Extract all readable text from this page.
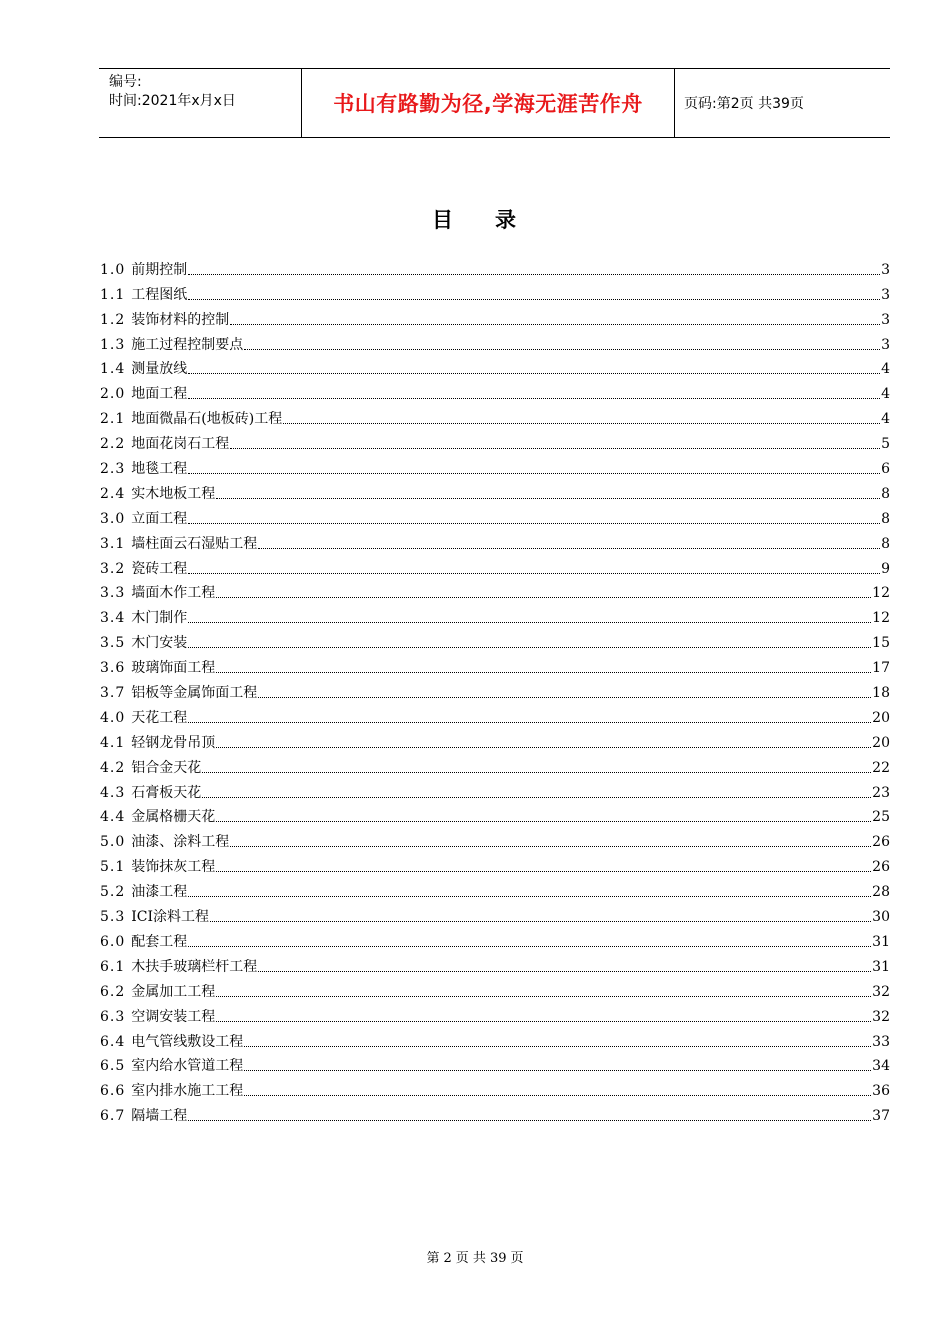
编号:
时间:2021年x月x日	书山有路勤为径,学海无涯苦作舟	页码:第2页 共39页
目录
1.0 前期控制	3
1.1 工程图纸	3
1.2 装饰材料的控制	3
1.3 施工过程控制要点	3
1.4 测量放线	4
2.0 地面工程	4
2.1 地面微晶石(地板砖)工程	4
2.2 地面花岗石工程	5
2.3 地毯工程	6
2.4 实木地板工程	8
3.0 立面工程	8
3.1 墙柱面云石湿贴工程	8
3.2 瓷砖工程	9
3.3 墙面木作工程	12
3.4 木门制作	12
3.5 木门安装	15
3.6 玻璃饰面工程	17
3.7 铝板等金属饰面工程	18
4.0 天花工程	20
4.1 轻钢龙骨吊顶	20
4.2 铝合金天花	22
4.3 石膏板天花	23
4.4 金属格栅天花	25
5.0 油漆、涂料工程	26
5.1 装饰抹灰工程	26
5.2 油漆工程	28
5.3 ICI涂料工程	30
6.0 配套工程	31
6.1 木扶手玻璃栏杆工程	31
6.2 金属加工工程	32
6.3 空调安装工程	32
6.4 电气管线敷设工程	33
6.5 室内给水管道工程	34
6.6 室内排水施工工程	36
6.7 隔墙工程	37
第 2 页 共 39 页
